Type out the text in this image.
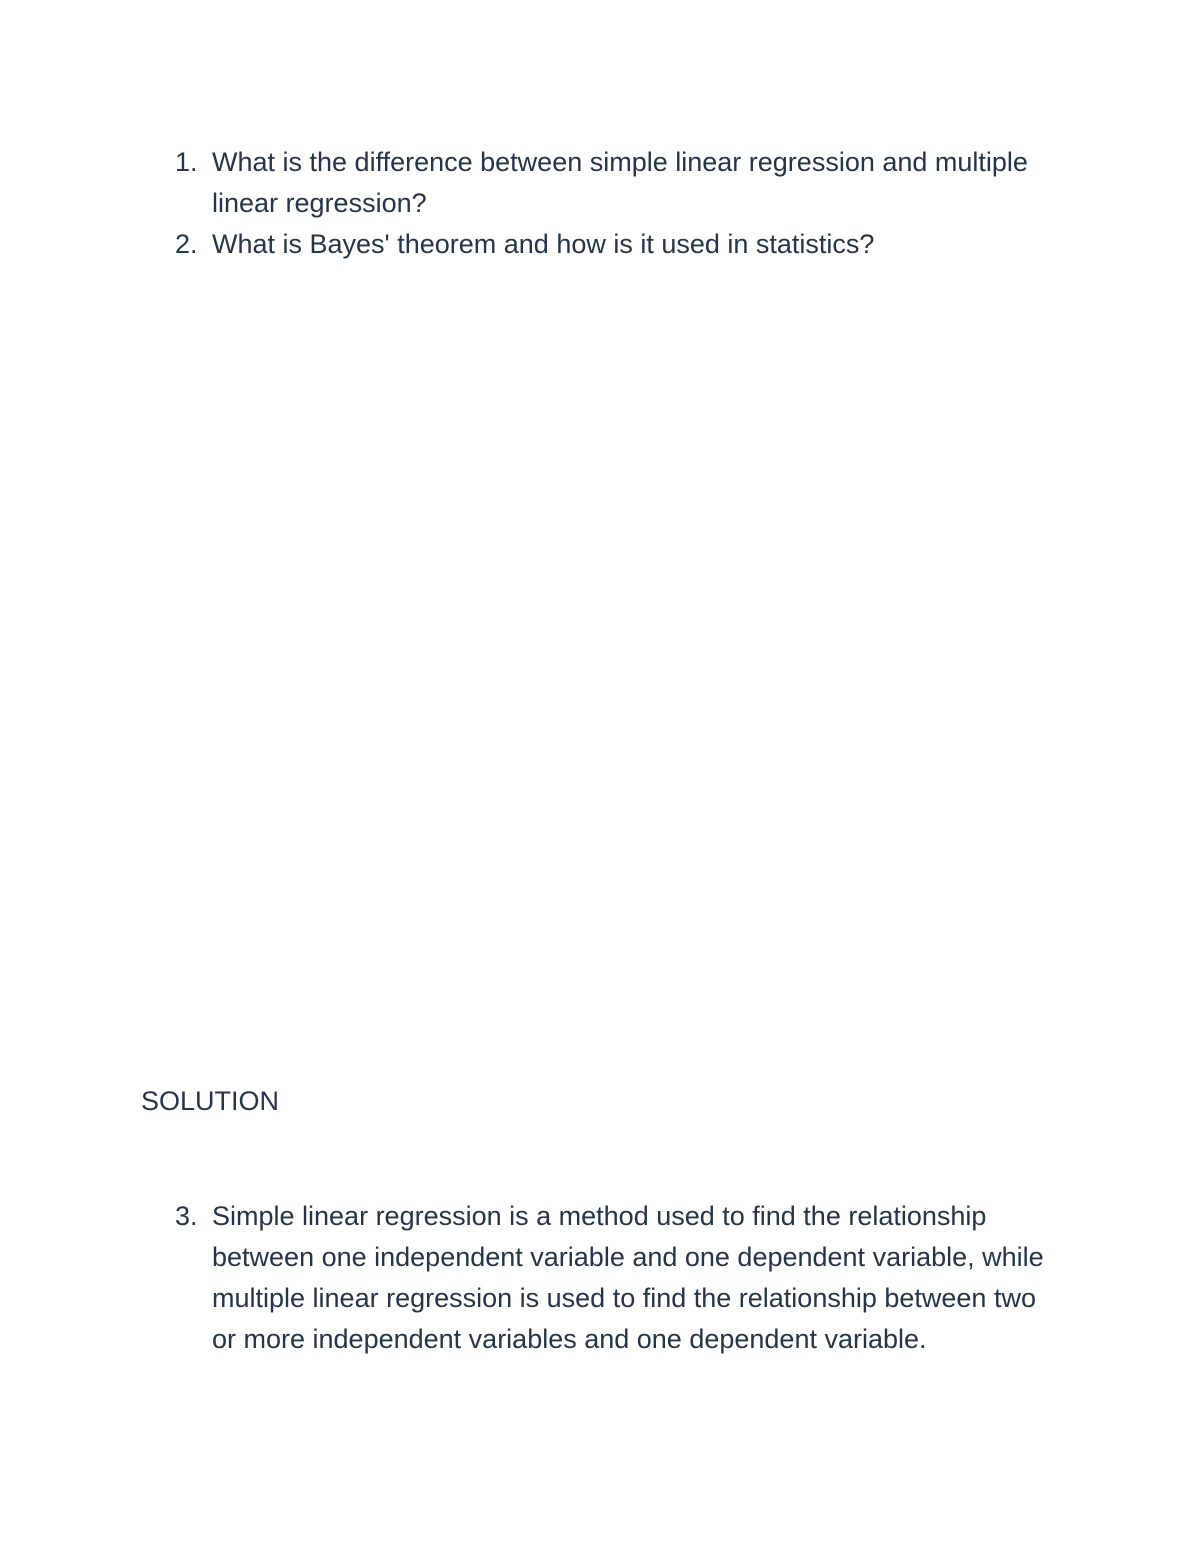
1. What is the difference between simple linear regression and multiple linear regression?
2. What is Bayes' theorem and how is it used in statistics?
SOLUTION
3. Simple linear regression is a method used to find the relationship between one independent variable and one dependent variable, while multiple linear regression is used to find the relationship between two or more independent variables and one dependent variable.
